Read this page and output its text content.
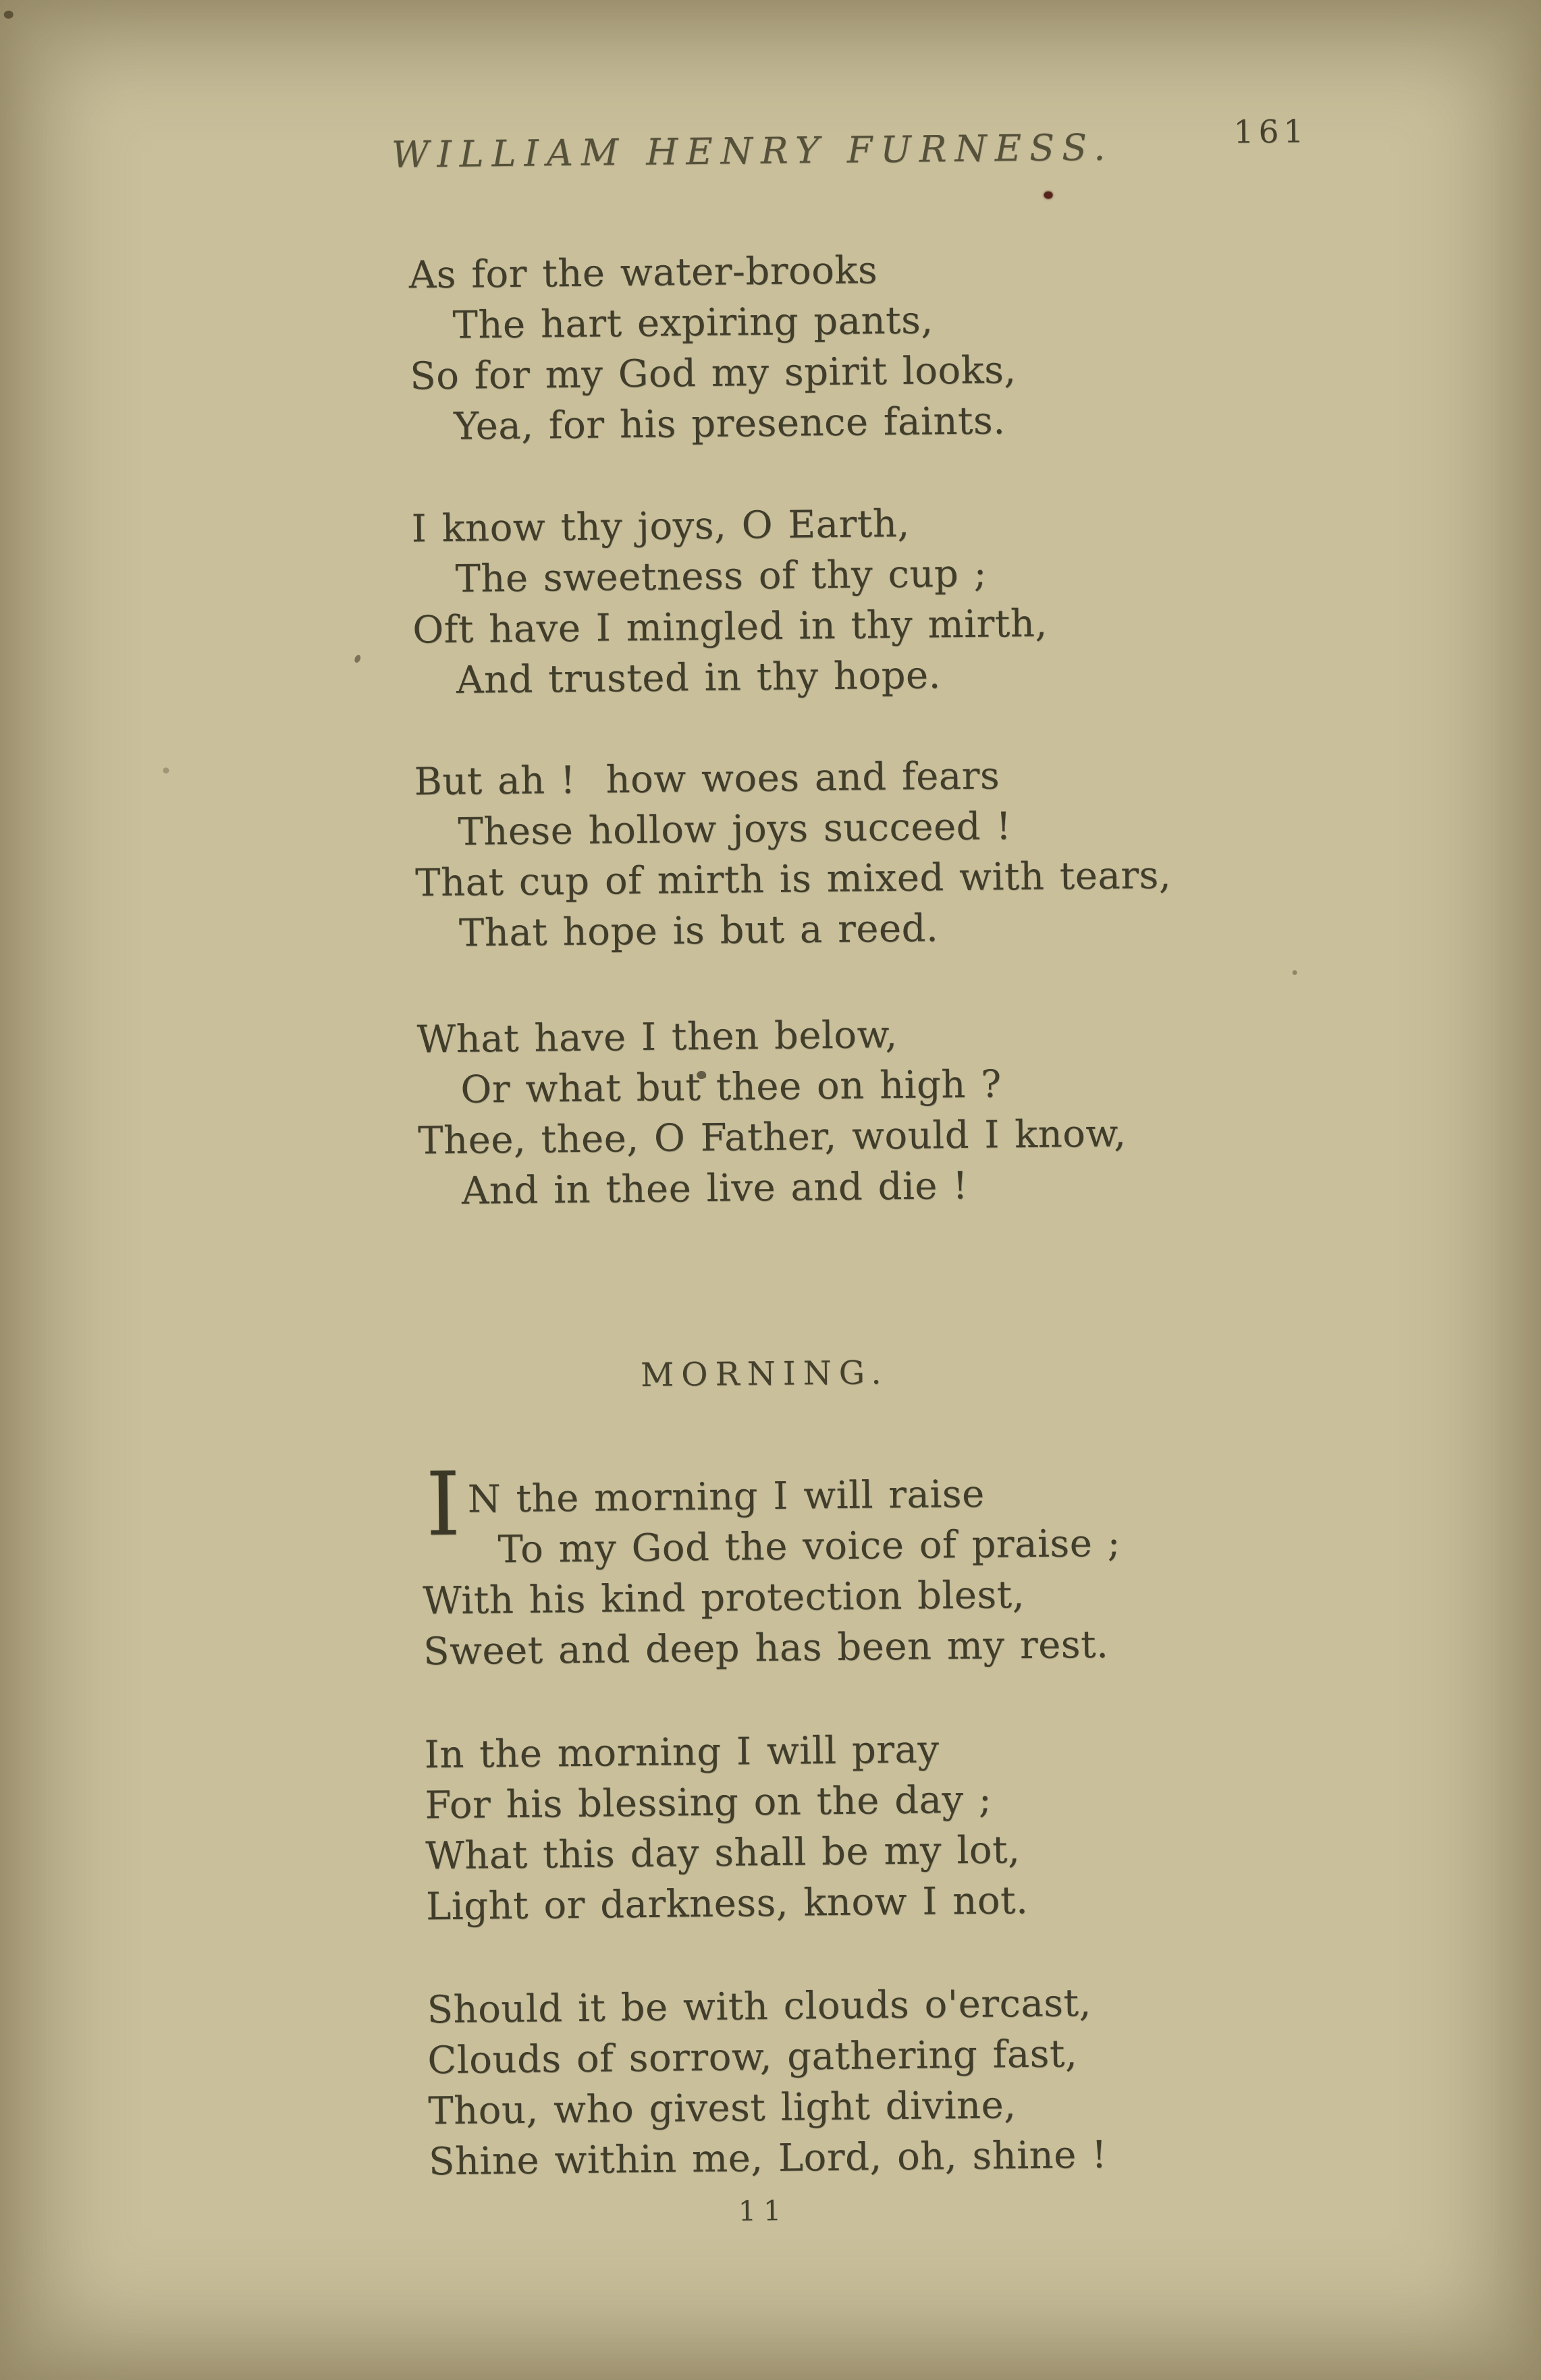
WILLIAM HENRY FURNESS.	161
As for the water-brooks
The hart expiring pants,
So for my God my spirit looks,
Yea, for his presence faints.
I know thy joys, O Earth,
The sweetness of thy cup ;
Oft have I mingled in thy mirth,
And trusted in thy hope.
But ah !  how woes and fears
These hollow joys succeed !
That cup of mirth is mixed with tears,
That hope is but a reed.
What have I then below,
Or what but thee on high ?
Thee, thee, O Father, would I know,
And in thee live and die !
MORNING.
I N the morning I will raise
To my God the voice of praise ;
With his kind protection blest,
Sweet and deep has been my rest.
In the morning I will pray
For his blessing on the day ;
What this day shall be my lot,
Light or darkness, know I not.
Should it be with clouds o'ercast,
Clouds of sorrow, gathering fast,
Thou, who givest light divine,
Shine within me, Lord, oh, shine !
11
